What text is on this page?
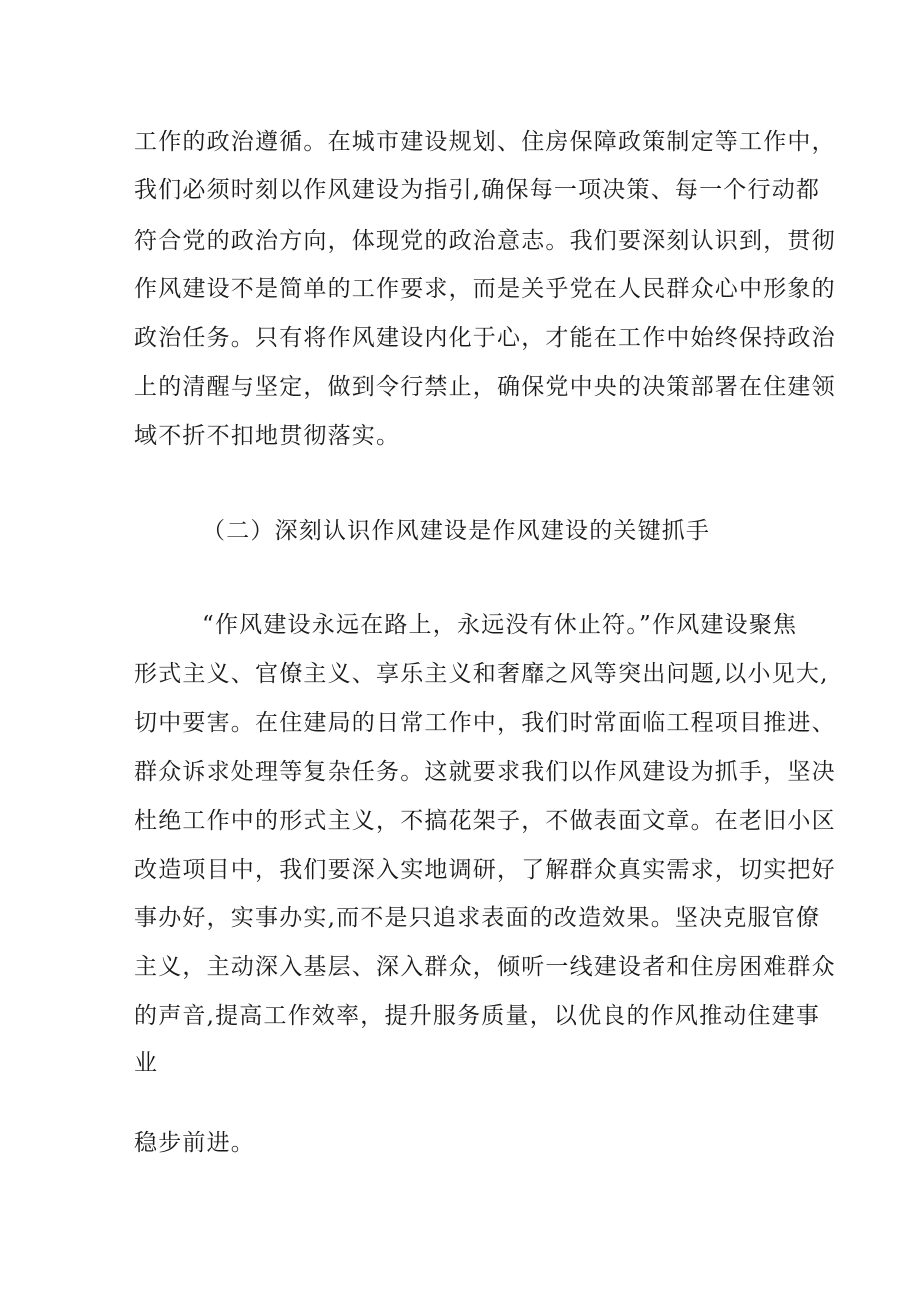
工作的政治遵循。在城市建设规划、住房保障政策制定等工作中，
我们必须时刻以作风建设为指引,确保每一项决策、每一个行动都
符合党的政治方向，体现党的政治意志。我们要深刻认识到，贯彻
作风建设不是简单的工作要求，而是关乎党在人民群众心中形象的
政治任务。只有将作风建设内化于心，才能在工作中始终保持政治
上的清醒与坚定，做到令行禁止，确保党中央的决策部署在住建领
域不折不扣地贯彻落实。
（二）深刻认识作风建设是作风建设的关键抓手
“作风建设永远在路上，永远没有休止符。”作风建设聚焦
形式主义、官僚主义、享乐主义和奢靡之风等突出问题,以小见大,
切中要害。在住建局的日常工作中，我们时常面临工程项目推进、
群众诉求处理等复杂任务。这就要求我们以作风建设为抓手，坚决
杜绝工作中的形式主义，不搞花架子，不做表面文章。在老旧小区
改造项目中，我们要深入实地调研，了解群众真实需求，切实把好
事办好，实事办实,而不是只追求表面的改造效果。坚决克服官僚
主义，主动深入基层、深入群众，倾听一线建设者和住房困难群众
的声音,提高工作效率，提升服务质量，以优良的作风推动住建事
业
稳步前进。
